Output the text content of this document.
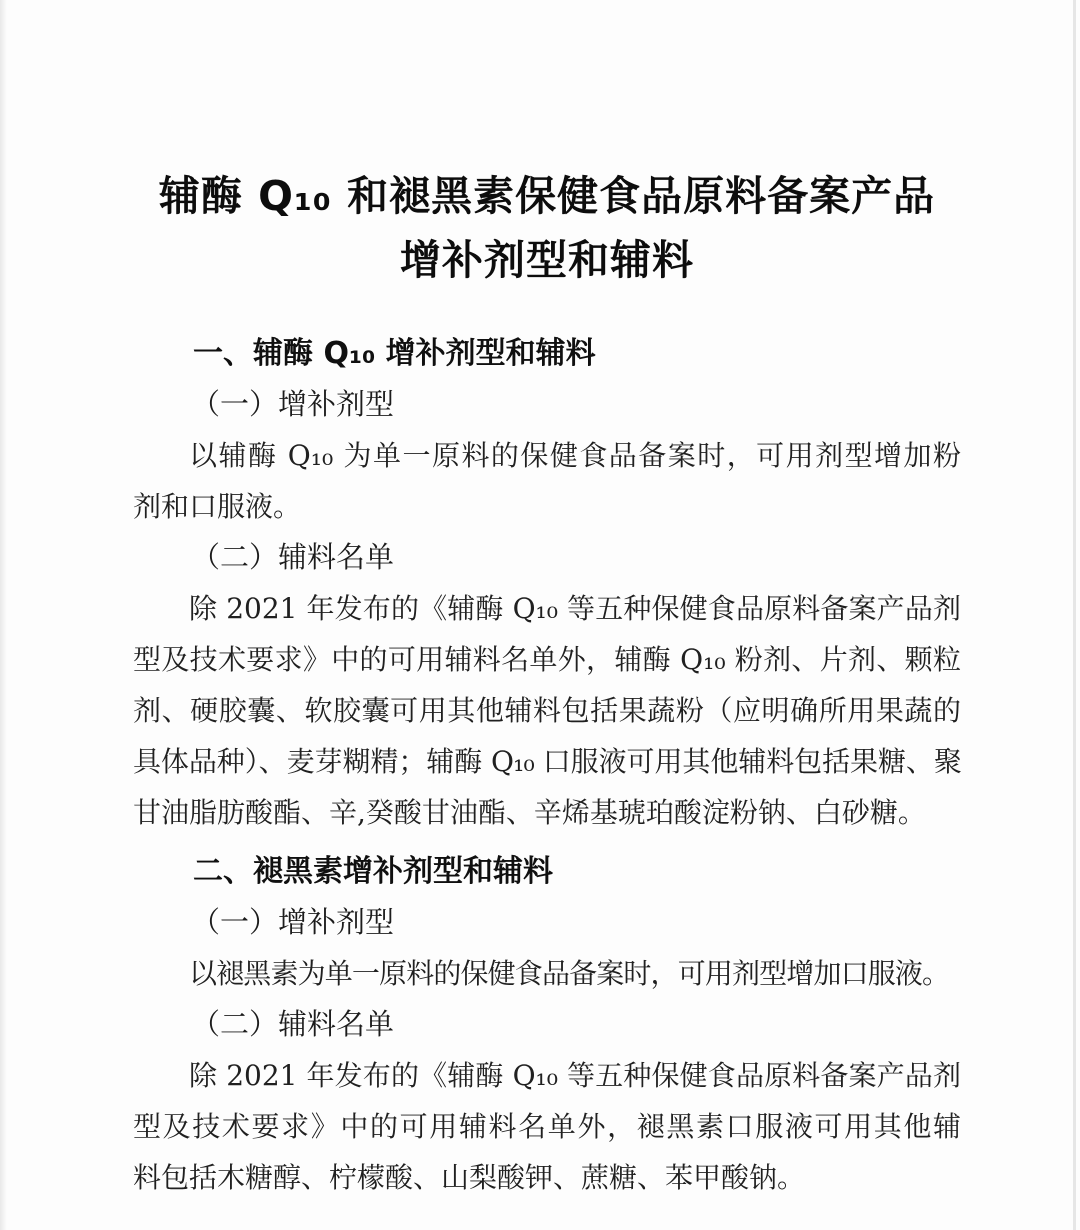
辅酶 Q₁₀ 和褪黑素保健食品原料备案产品
增补剂型和辅料
一、辅酶 Q₁₀ 增补剂型和辅料
（一）增补剂型
以辅酶 Q₁₀ 为单一原料的保健食品备案时，可用剂型增加粉
剂和口服液。
（二）辅料名单
除 2021 年发布的《辅酶 Q₁₀ 等五种保健食品原料备案产品剂
型及技术要求》中的可用辅料名单外，辅酶 Q₁₀ 粉剂、片剂、颗粒
剂、硬胶囊、软胶囊可用其他辅料包括果蔬粉（应明确所用果蔬的
具体品种）、麦芽糊精；辅酶 Q₁₀ 口服液可用其他辅料包括果糖、聚
甘油脂肪酸酯、辛,癸酸甘油酯、辛烯基琥珀酸淀粉钠、白砂糖。
二、褪黑素增补剂型和辅料
（一）增补剂型
以褪黑素为单一原料的保健食品备案时，可用剂型增加口服液。
（二）辅料名单
除 2021 年发布的《辅酶 Q₁₀ 等五种保健食品原料备案产品剂
型及技术要求》中的可用辅料名单外，褪黑素口服液可用其他辅
料包括木糖醇、柠檬酸、山梨酸钾、蔗糖、苯甲酸钠。
